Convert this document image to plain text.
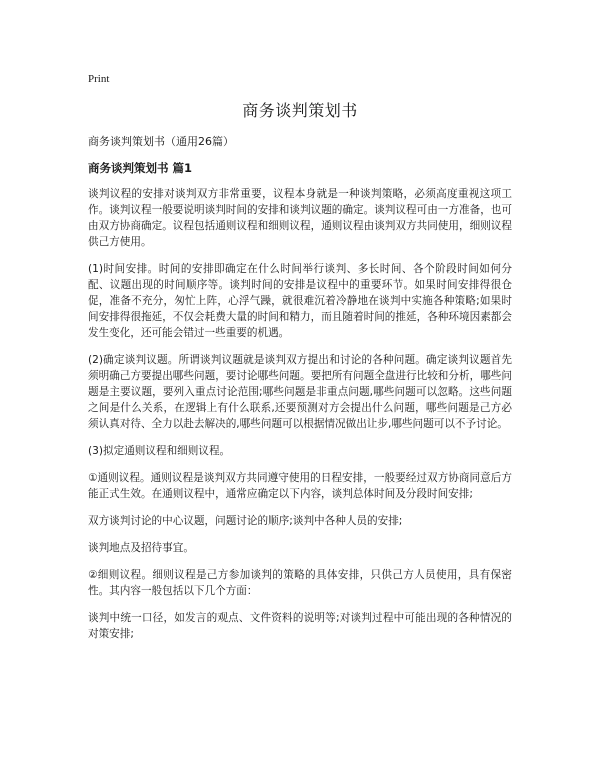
Print
商务谈判策划书
商务谈判策划书（通用26篇）
商务谈判策划书 篇1

谈判议程的安排对谈判双方非常重要，议程本身就是一种谈判策略，必须高度重视这项工作。谈判议程一般要说明谈判时间的安排和谈判议题的确定。谈判议程可由一方准备，也可由双方协商确定。议程包括通则议程和细则议程，通则议程由谈判双方共同使用，细则议程供己方使用。

(1)时间安排。时间的安排即确定在什么时间举行谈判、多长时间、各个阶段时间如何分配、议题出现的时间顺序等。谈判时间的安排是议程中的重要环节。如果时间安排得很仓促，准备不充分，匆忙上阵，心浮气躁，就很难沉着冷静地在谈判中实施各种策略;如果时间安排得很拖延，不仅会耗费大量的时间和精力，而且随着时间的推延，各种环境因素都会发生变化，还可能会错过一些重要的机遇。

(2)确定谈判议题。所谓谈判议题就是谈判双方提出和讨论的各种问题。确定谈判议题首先须明确己方要提出哪些问题，要讨论哪些问题。要把所有问题全盘进行比较和分析，哪些问题是主要议题，要列入重点讨论范围;哪些问题是非重点问题,哪些问题可以忽略。这些问题之间是什么关系，在逻辑上有什么联系,还要预测对方会提出什么问题，哪些问题是己方必须认真对待、全力以赴去解决的,哪些问题可以根据情况做出让步,哪些问题可以不予讨论。

(3)拟定通则议程和细则议程。

①通则议程。通则议程是谈判双方共同遵守使用的日程安排，一般要经过双方协商同意后方能正式生效。在通则议程中，通常应确定以下内容，谈判总体时间及分段时间安排;

双方谈判讨论的中心议题，问题讨论的顺序;谈判中各种人员的安排;

谈判地点及招待事宜。

②细则议程。细则议程是己方参加谈判的策略的具体安排，只供己方人员使用，具有保密性。其内容一般包括以下几个方面：

谈判中统一口径，如发言的观点、文件资料的说明等;对谈判过程中可能出现的各种情况的对策安排;
